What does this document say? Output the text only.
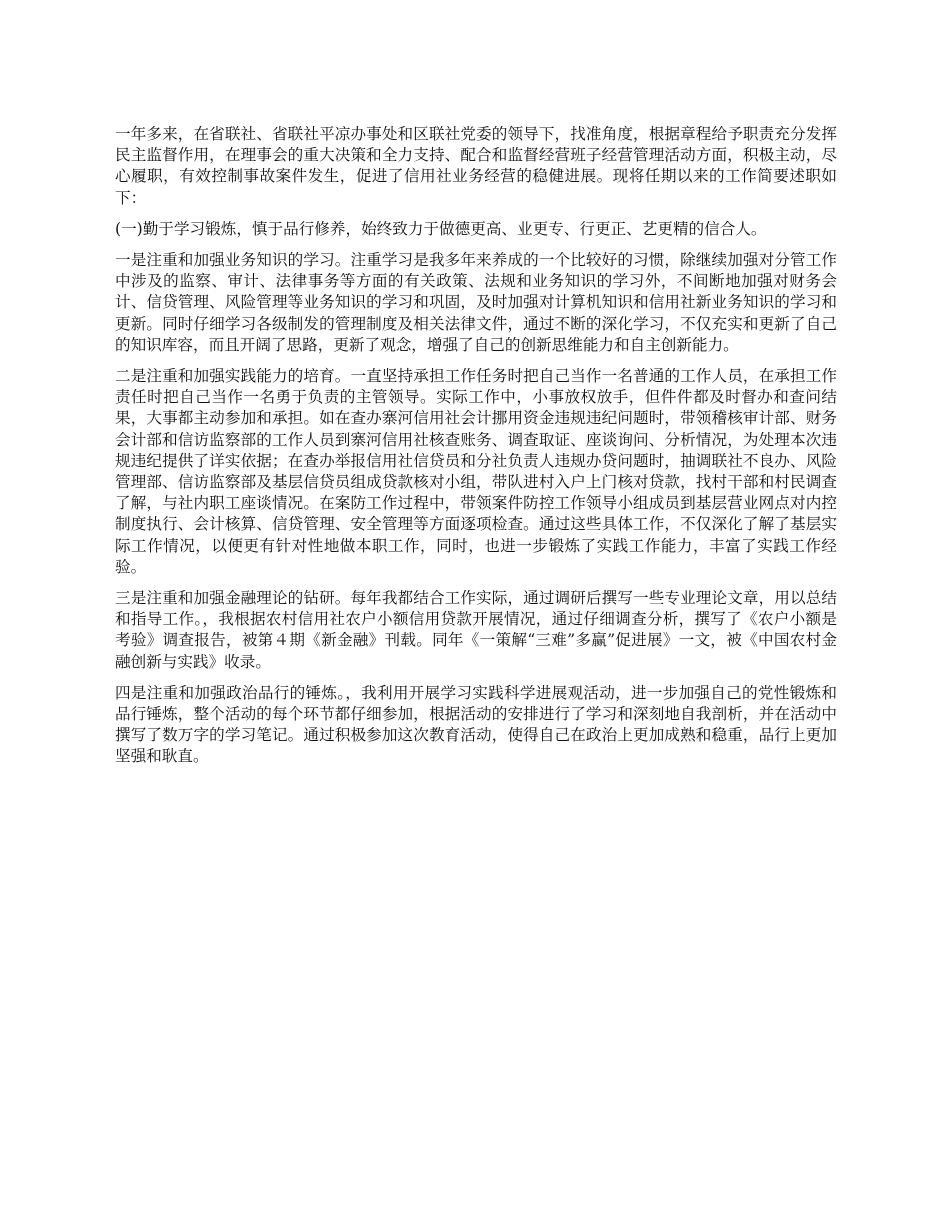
一年多来，在省联社、省联社平凉办事处和区联社党委的领导下，找准角度，根据章程给予职责充分发挥民主监督作用，在理事会的重大决策和全力支持、配合和监督经营班子经营管理活动方面，积极主动，尽心履职，有效控制事故案件发生，促进了信用社业务经营的稳健进展。现将任期以来的工作简要述职如下：

(一)勤于学习锻炼，慎于品行修养，始终致力于做德更高、业更专、行更正、艺更精的信合人。

一是注重和加强业务知识的学习。注重学习是我多年来养成的一个比较好的习惯，除继续加强对分管工作中涉及的监察、审计、法律事务等方面的有关政策、法规和业务知识的学习外，不间断地加强对财务会计、信贷管理、风险管理等业务知识的学习和巩固，及时加强对计算机知识和信用社新业务知识的学习和更新。同时仔细学习各级制发的管理制度及相关法律文件，通过不断的深化学习，不仅充实和更新了自己的知识库容，而且开阔了思路，更新了观念，增强了自己的创新思维能力和自主创新能力。

二是注重和加强实践能力的培育。一直坚持承担工作任务时把自己当作一名普通的工作人员，在承担工作责任时把自己当作一名勇于负责的主管领导。实际工作中，小事放权放手，但件件都及时督办和查问结果，大事都主动参加和承担。如在查办寨河信用社会计挪用资金违规违纪问题时，带领稽核审计部、财务会计部和信访监察部的工作人员到寨河信用社核查账务、调查取证、座谈询问、分析情况，为处理本次违规违纪提供了详实依据；在查办举报信用社信贷员和分社负责人违规办贷问题时，抽调联社不良办、风险管理部、信访监察部及基层信贷员组成贷款核对小组，带队进村入户上门核对贷款，找村干部和村民调查了解，与社内职工座谈情况。在案防工作过程中，带领案件防控工作领导小组成员到基层营业网点对内控制度执行、会计核算、信贷管理、安全管理等方面逐项检查。通过这些具体工作，不仅深化了解了基层实际工作情况，以便更有针对性地做本职工作，同时，也进一步锻炼了实践工作能力，丰富了实践工作经验。

三是注重和加强金融理论的钻研。每年我都结合工作实际，通过调研后撰写一些专业理论文章，用以总结和指导工作。，我根据农村信用社农户小额信用贷款开展情况，通过仔细调查分析，撰写了《农户小额是考验》调查报告，被第４期《新金融》刊载。同年《一策解“三难”多赢”促进展》一文，被《中国农村金融创新与实践》收录。

四是注重和加强政治品行的锤炼。，我利用开展学习实践科学进展观活动，进一步加强自己的党性锻炼和品行锤炼，整个活动的每个环节都仔细参加，根据活动的安排进行了学习和深刻地自我剖析，并在活动中撰写了数万字的学习笔记。通过积极参加这次教育活动，使得自己在政治上更加成熟和稳重，品行上更加坚强和耿直。
